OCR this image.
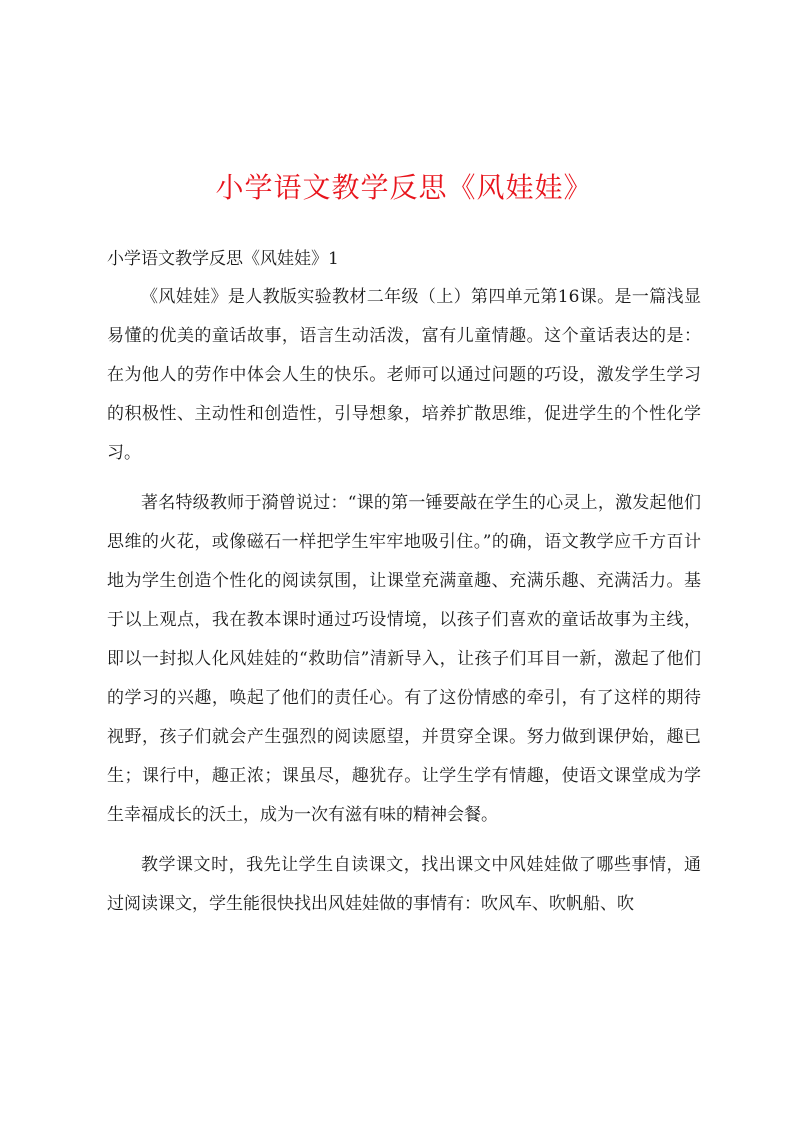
小学语文教学反思《风娃娃》

小学语文教学反思《风娃娃》1

《风娃娃》是人教版实验教材二年级（上）第四单元第16课。是一篇浅显易懂的优美的童话故事，语言生动活泼，富有儿童情趣。这个童话表达的是：在为他人的劳作中体会人生的快乐。老师可以通过问题的巧设，激发学生学习的积极性、主动性和创造性，引导想象，培养扩散思维，促进学生的个性化学习。

著名特级教师于漪曾说过：“课的第一锤要敲在学生的心灵上，激发起他们思维的火花，或像磁石一样把学生牢牢地吸引住。”的确，语文教学应千方百计地为学生创造个性化的阅读氛围，让课堂充满童趣、充满乐趣、充满活力。基于以上观点，我在教本课时通过巧设情境，以孩子们喜欢的童话故事为主线，即以一封拟人化风娃娃的“救助信”清新导入，让孩子们耳目一新，激起了他们的学习的兴趣，唤起了他们的责任心。有了这份情感的牵引，有了这样的期待视野，孩子们就会产生强烈的阅读愿望，并贯穿全课。努力做到课伊始，趣已生；课行中，趣正浓；课虽尽，趣犹存。让学生学有情趣，使语文课堂成为学生幸福成长的沃土，成为一次有滋有味的精神会餐。

教学课文时，我先让学生自读课文，找出课文中风娃娃做了哪些事情，通过阅读课文，学生能很快找出风娃娃做的事情有：吹风车、吹帆船、吹
